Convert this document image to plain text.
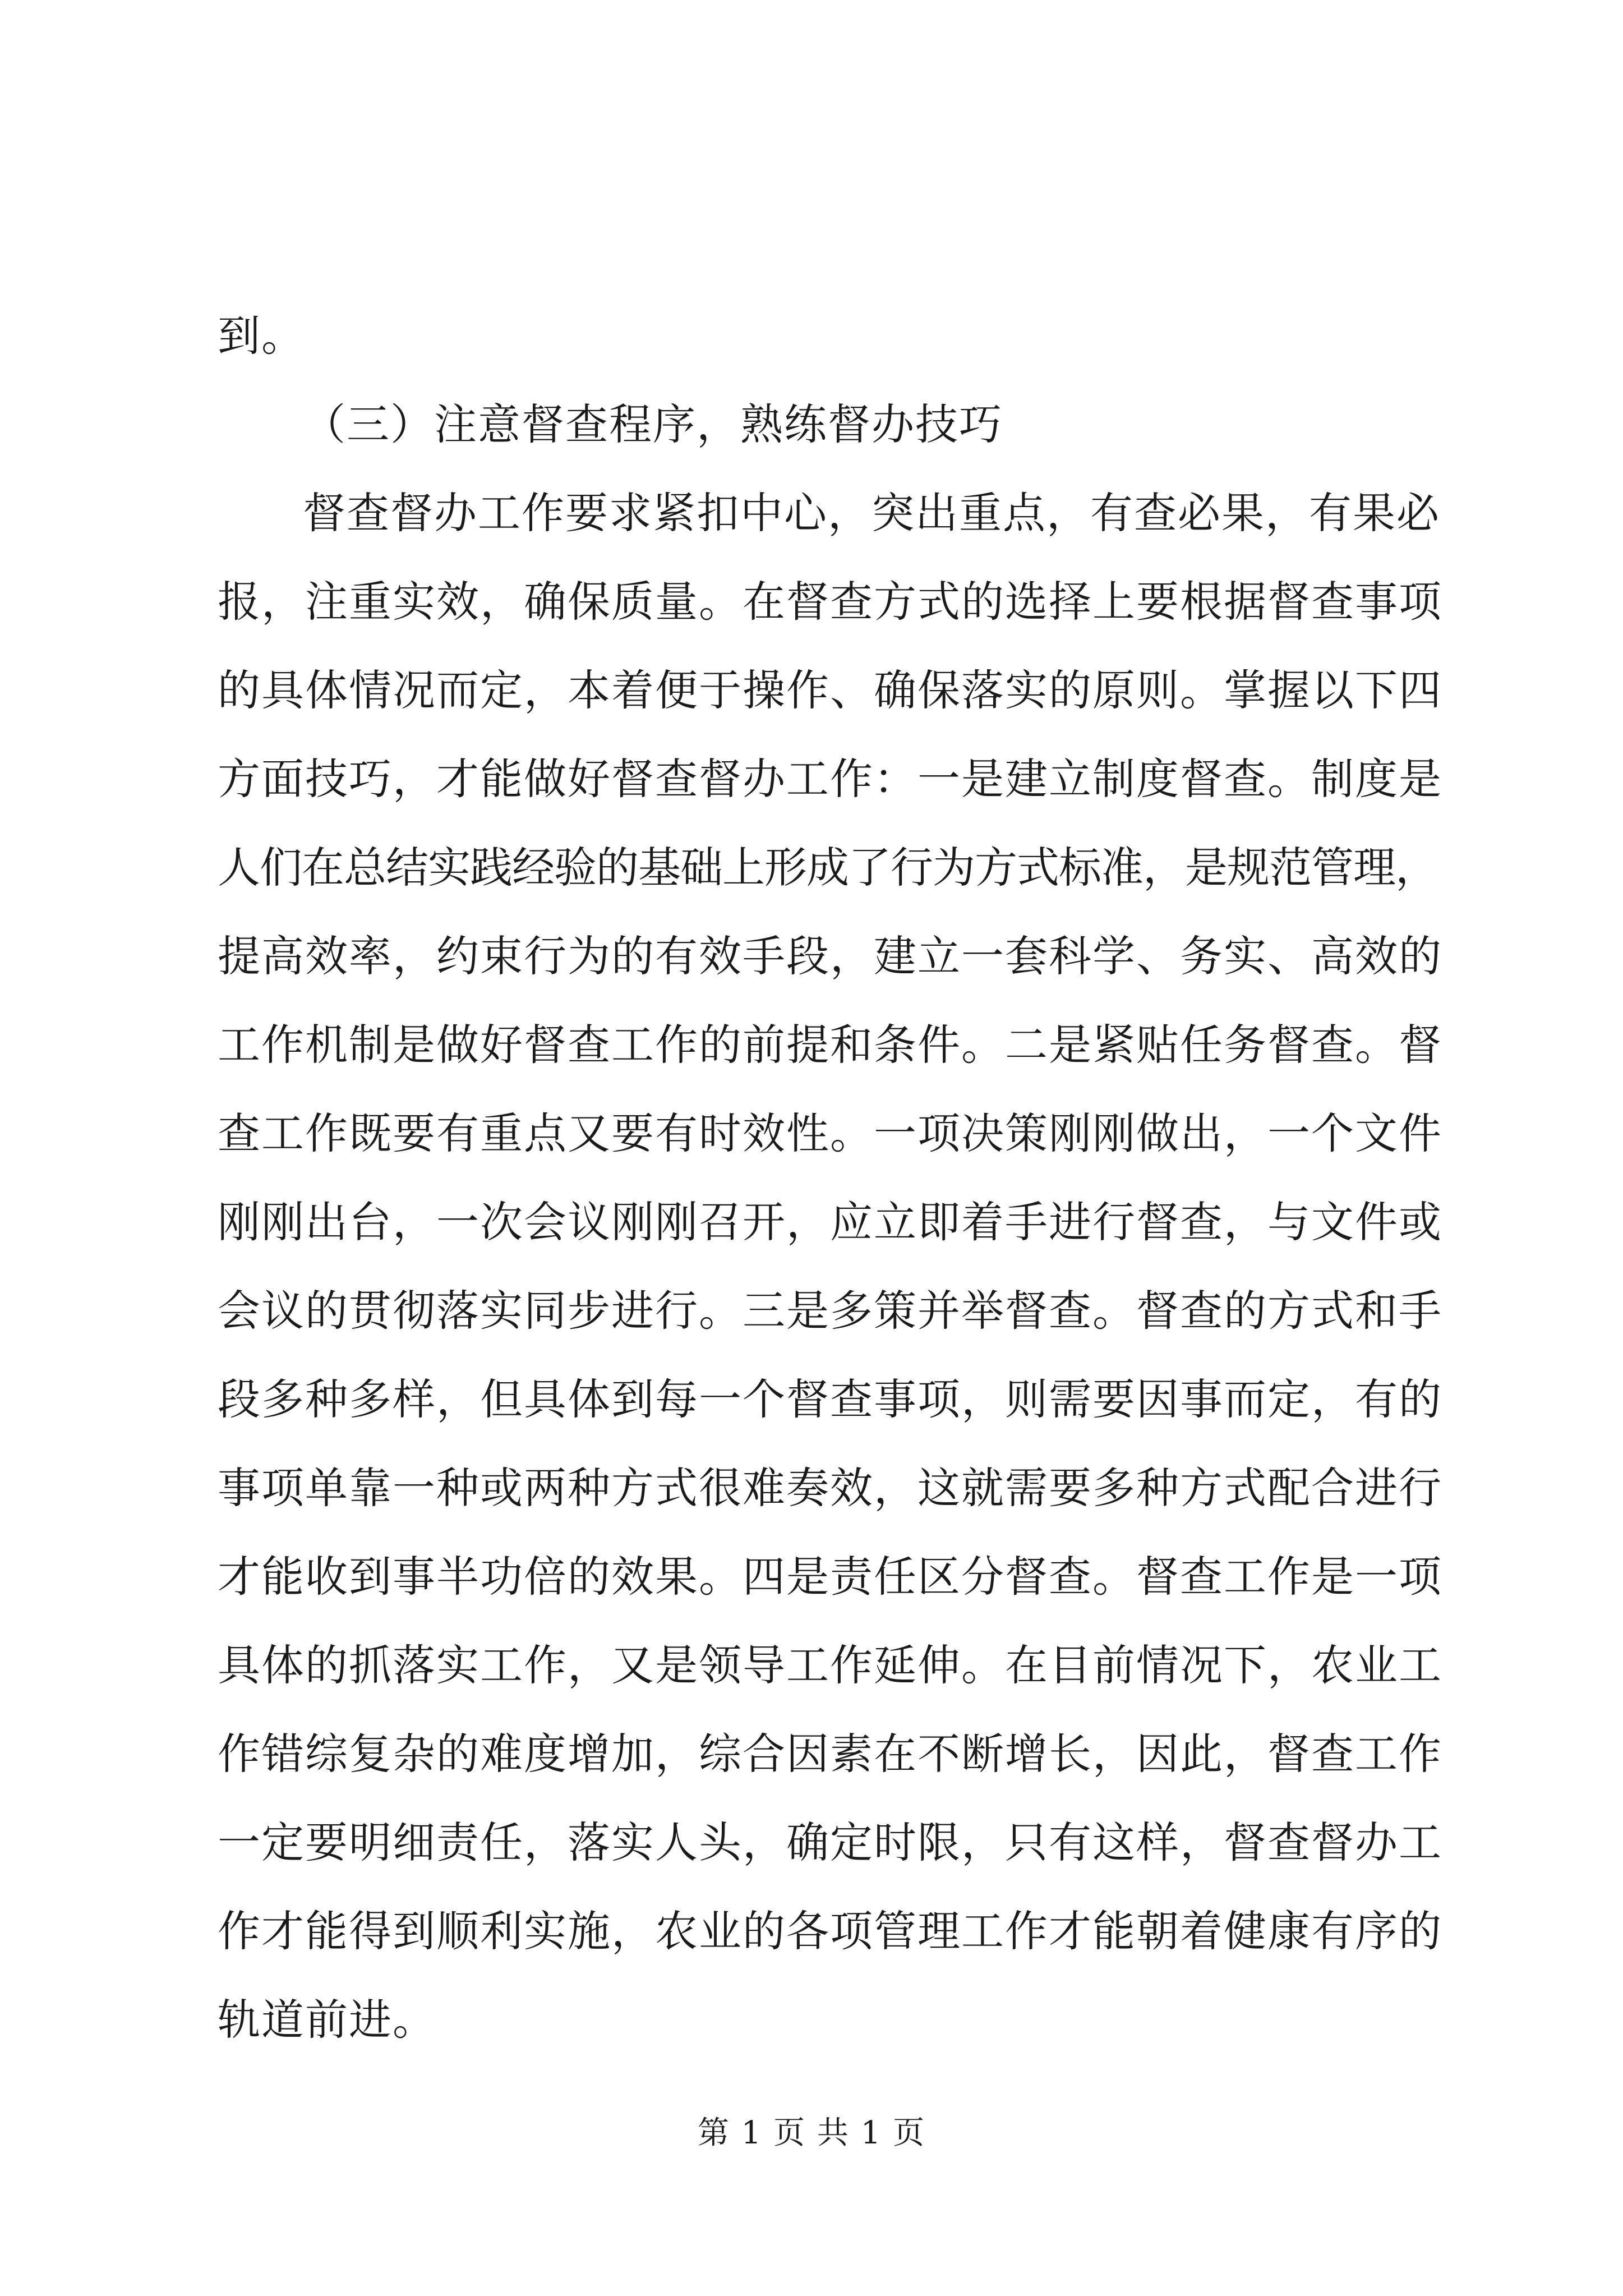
到。
（三）注意督查程序，熟练督办技巧
督查督办工作要求紧扣中心，突出重点，有查必果，有果必
报，注重实效，确保质量。在督查方式的选择上要根据督查事项
的具体情况而定，本着便于操作、确保落实的原则。掌握以下四
方面技巧，才能做好督查督办工作：一是建立制度督查。制度是
人们在总结实践经验的基础上形成了行为方式标准，是规范管理，
提高效率，约束行为的有效手段，建立一套科学、务实、高效的
工作机制是做好督查工作的前提和条件。二是紧贴任务督查。督
查工作既要有重点又要有时效性。一项决策刚刚做出，一个文件
刚刚出台，一次会议刚刚召开，应立即着手进行督查，与文件或
会议的贯彻落实同步进行。三是多策并举督查。督查的方式和手
段多种多样，但具体到每一个督查事项，则需要因事而定，有的
事项单靠一种或两种方式很难奏效，这就需要多种方式配合进行
才能收到事半功倍的效果。四是责任区分督查。督查工作是一项
具体的抓落实工作，又是领导工作延伸。在目前情况下，农业工
作错综复杂的难度增加，综合因素在不断增长，因此，督查工作
一定要明细责任，落实人头，确定时限，只有这样，督查督办工
作才能得到顺利实施，农业的各项管理工作才能朝着健康有序的
轨道前进。
第 1 页 共 1 页
